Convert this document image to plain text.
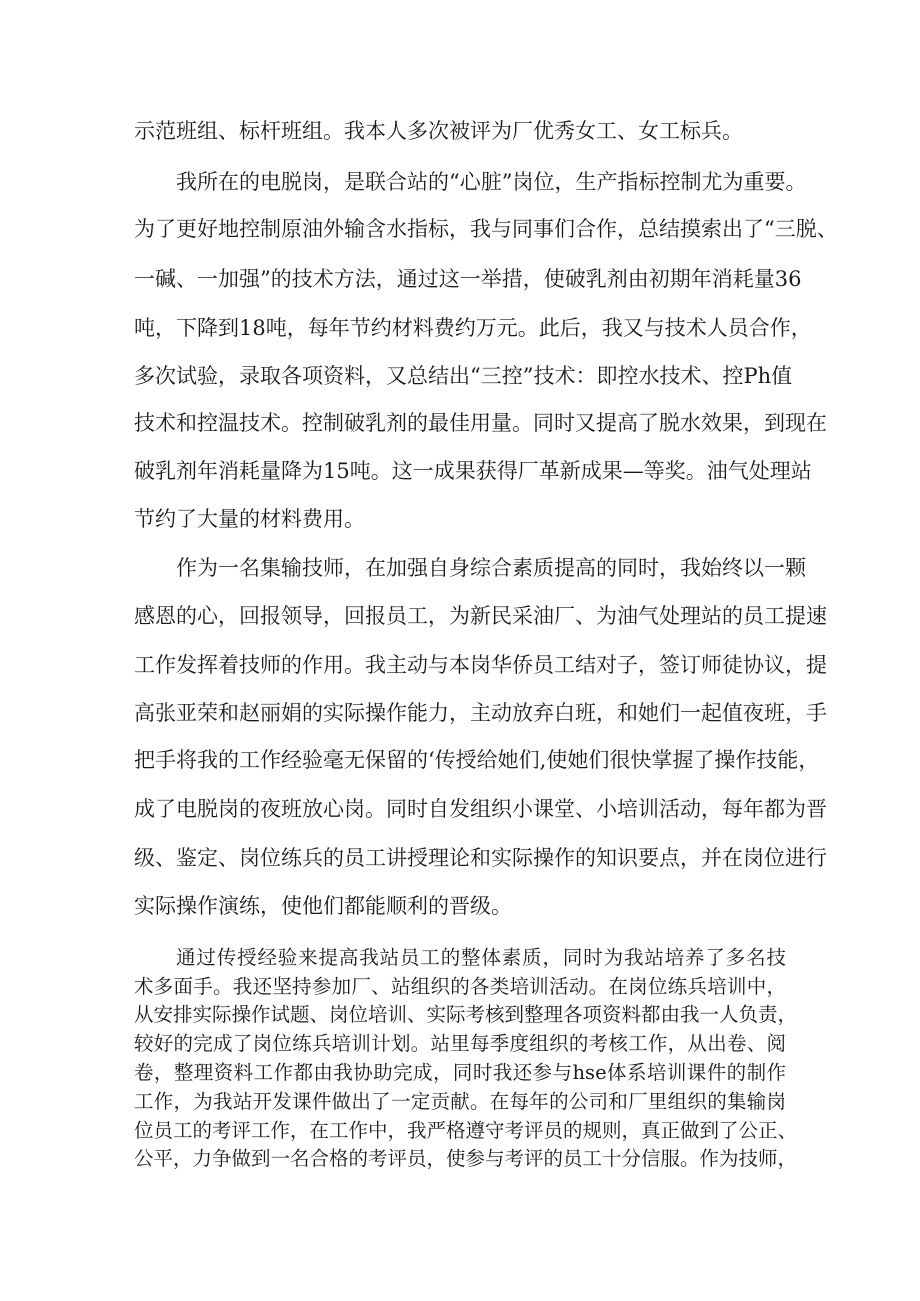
示范班组、标杆班组。我本人多次被评为厂优秀女工、女工标兵。
我所在的电脱岗，是联合站的“心脏”岗位，生产指标控制尤为重要。
为了更好地控制原油外输含水指标，我与同事们合作，总结摸索出了“三脱、
一碱、一加强”的技术方法，通过这一举措，使破乳剂由初期年消耗量36
吨，下降到18吨，每年节约材料费约万元。此后，我又与技术人员合作，
多次试验，录取各项资料，又总结出“三控”技术：即控水技术、控Ph值
技术和控温技术。控制破乳剂的最佳用量。同时又提高了脱水效果，到现在
破乳剂年消耗量降为15吨。这一成果获得厂革新成果—等奖。油气处理站
节约了大量的材料费用。
作为一名集输技师，在加强自身综合素质提高的同时，我始终以一颗
感恩的心，回报领导，回报员工，为新民采油厂、为油气处理站的员工提速
工作发挥着技师的作用。我主动与本岗华侨员工结对子，签订师徒协议，提
高张亚荣和赵丽娟的实际操作能力，主动放弃白班，和她们一起值夜班，手
把手将我的工作经验毫无保留的‘传授给她们,使她们很快掌握了操作技能，
成了电脱岗的夜班放心岗。同时自发组织小课堂、小培训活动，每年都为晋
级、鉴定、岗位练兵的员工讲授理论和实际操作的知识要点，并在岗位进行
实际操作演练，使他们都能顺利的晋级。
通过传授经验来提高我站员工的整体素质，同时为我站培养了多名技
术多面手。我还坚持参加厂、站组织的各类培训活动。在岗位练兵培训中，
从安排实际操作试题、岗位培训、实际考核到整理各项资料都由我一人负责，
较好的完成了岗位练兵培训计划。站里每季度组织的考核工作，从出卷、阅
卷，整理资料工作都由我协助完成，同时我还参与hse体系培训课件的制作
工作，为我站开发课件做出了一定贡献。在每年的公司和厂里组织的集输岗
位员工的考评工作，在工作中，我严格遵守考评员的规则，真正做到了公正、
公平，力争做到一名合格的考评员，使参与考评的员工十分信服。作为技师，
